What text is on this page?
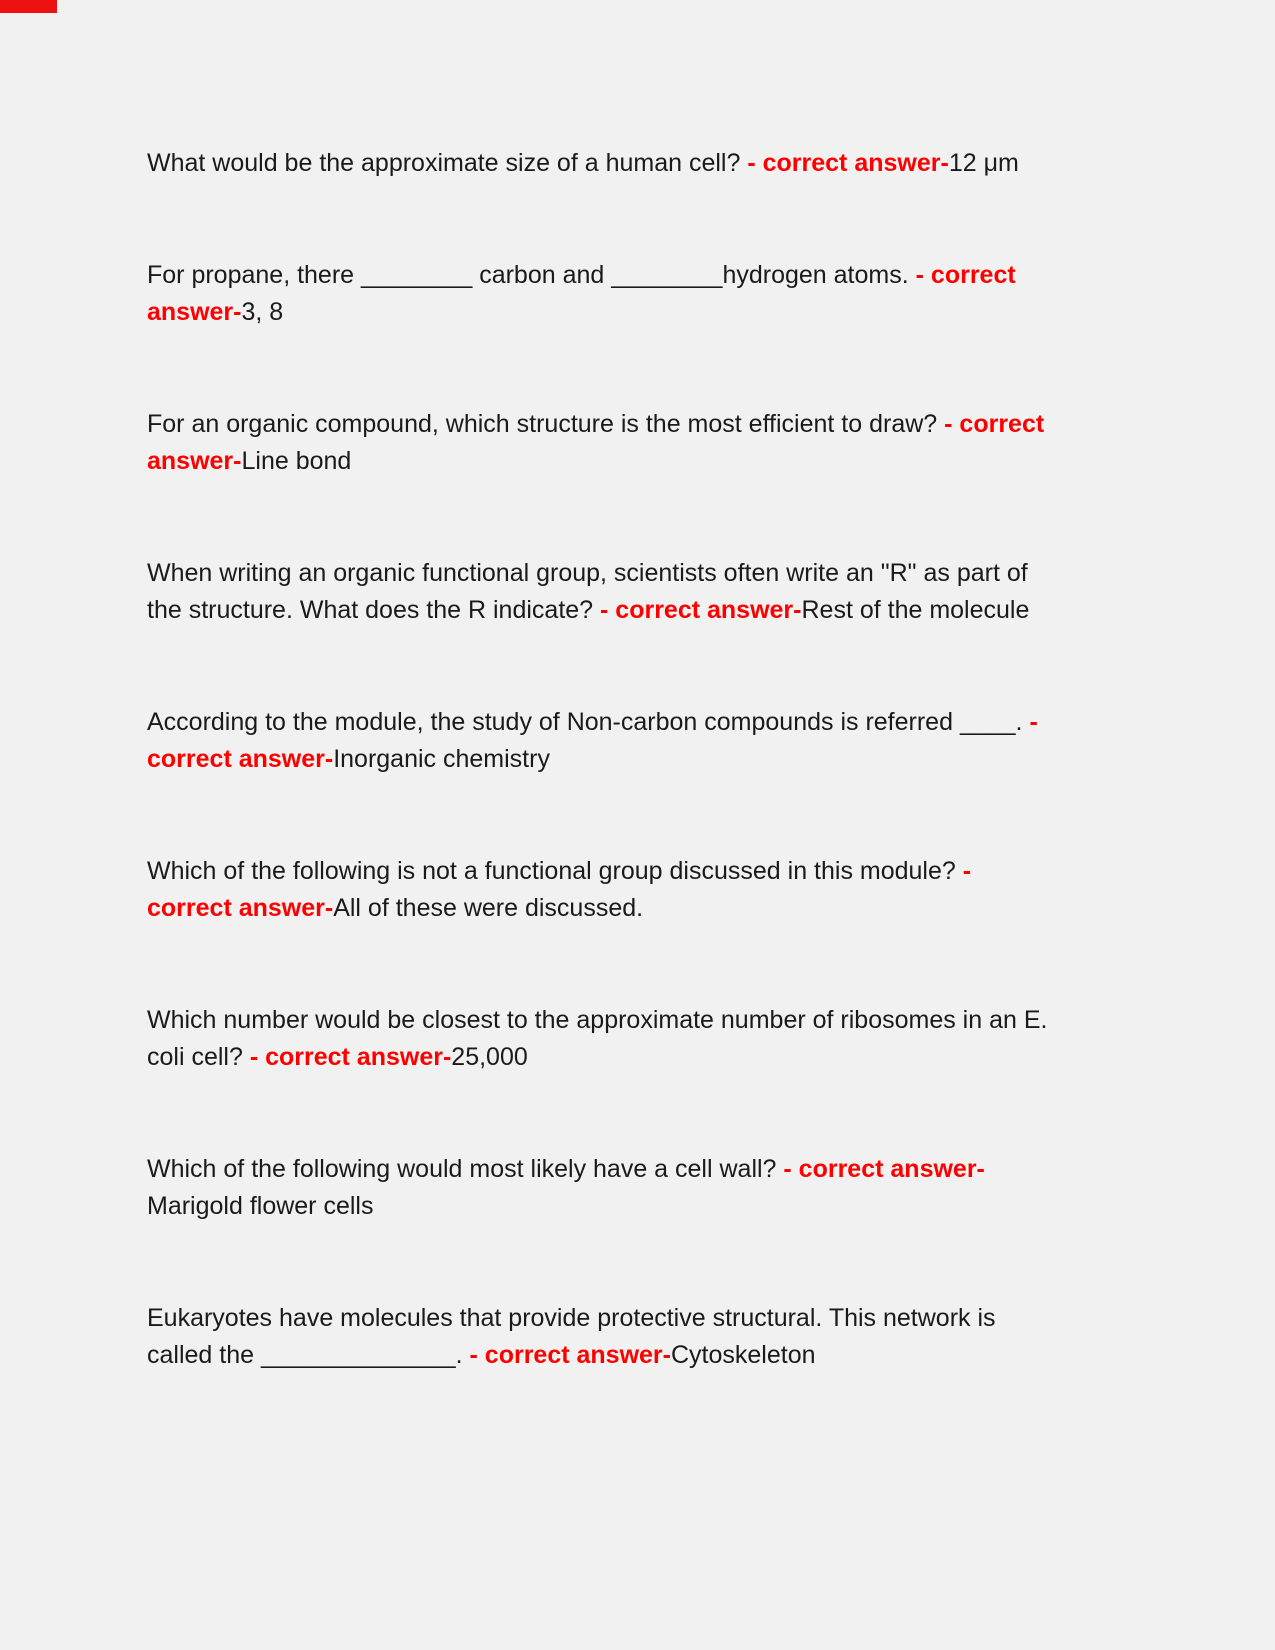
What would be the approximate size of a human cell? - correct answer-12 μm
For propane, there ________ carbon and ________hydrogen atoms. - correct
answer-3, 8
For an organic compound, which structure is the most efficient to draw? - correct
answer-Line bond
When writing an organic functional group, scientists often write an "R" as part of
the structure. What does the R indicate? - correct answer-Rest of the molecule
According to the module, the study of Non-carbon compounds is referred ____. -
correct answer-Inorganic chemistry
Which of the following is not a functional group discussed in this module? -
correct answer-All of these were discussed.
Which number would be closest to the approximate number of ribosomes in an E.
coli cell? - correct answer-25,000
Which of the following would most likely have a cell wall? - correct answer-
Marigold flower cells
Eukaryotes have molecules that provide protective structural. This network is
called the ______________. - correct answer-Cytoskeleton
